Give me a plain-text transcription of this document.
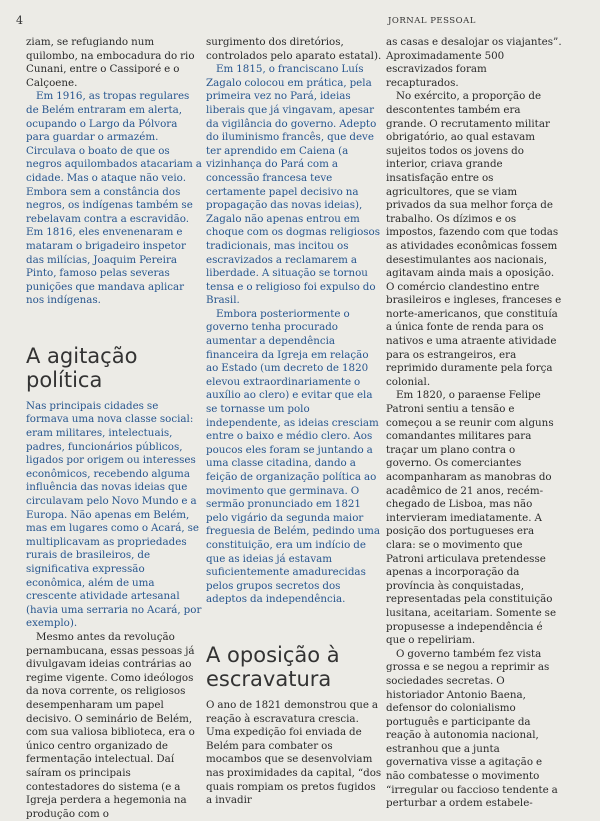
4	JORNAL PESSOAL

ziam, se refugiando num quilombo, na embocadura do rio Cunani, entre o Cassiporé e o Calçoene.

Em 1916, as tropas regulares de Belém entraram em alerta, ocupando o Largo da Pólvora para guardar o armazém. Circulava o boato de que os negros aquilombados atacariam a cidade. Mas o ataque não veio. Embora sem a constância dos negros, os indígenas também se rebelavam contra a escravidão. Em 1816, eles envenenaram e mataram o brigadeiro inspetor das milícias, Joaquim Pereira Pinto, famoso pelas severas punições que mandava aplicar nos indígenas.

A agitação política

Nas principais cidades se formava uma nova classe social: eram militares, intelectuais, padres, funcionários públicos, ligados por origem ou interesses econômicos, recebendo alguma influência das novas ideias que circulavam pelo Novo Mundo e a Europa. Não apenas em Belém, mas em lugares como o Acará, se multiplicavam as propriedades rurais de brasileiros, de significativa expressão econômica, além de uma crescente atividade artesanal (havia uma serraria no Acará, por exemplo).

Mesmo antes da revolução pernambucana, essas pessoas já divulgavam ideias contrárias ao regime vigente. Como ideólogos da nova corrente, os religiosos desempenharam um papel decisivo. O seminário de Belém, com sua valiosa biblioteca, era o único centro organizado de fermentação intelectual. Daí saíram os principais contestadores do sistema (e a Igreja perdera a hegemonia na produção com o

surgimento dos diretórios, controlados pelo aparato estatal).

Em 1815, o franciscano Luís Zagalo colocou em prática, pela primeira vez no Pará, ideias liberais que já vingavam, apesar da vigilância do governo. Adepto do iluminismo francês, que deve ter aprendido em Caiena (a vizinhança do Pará com a concessão francesa teve certamente papel decisivo na propagação das novas ideias), Zagalo não apenas entrou em choque com os dogmas religiosos tradicionais, mas incitou os escravizados a reclamarem a liberdade. A situação se tornou tensa e o religioso foi expulso do Brasil.

Embora posteriormente o governo tenha procurado aumentar a dependência financeira da Igreja em relação ao Estado (um decreto de 1820 elevou extraordinariamente o auxílio ao clero) e evitar que ela se tornasse um polo independente, as ideias cresciam entre o baixo e médio clero. Aos poucos eles foram se juntando a uma classe citadina, dando a feição de organização política ao movimento que germinava. O sermão pronunciado em 1821 pelo vigário da segunda maior freguesia de Belém, pedindo uma constituição, era um indício de que as ideias já estavam suficientemente amadurecidas pelos grupos secretos dos adeptos da independência.

A oposição à escravatura

O ano de 1821 demonstrou que a reação à escravatura crescia. Uma expedição foi enviada de Belém para combater os mocambos que se desenvolviam nas proximidades da capital, “dos quais rompiam os pretos fugidos a invadir

as casas e desalojar os viajantes”. Aproximadamente 500 escravizados foram recapturados.

No exército, a proporção de descontentes também era grande. O recrutamento militar obrigatório, ao qual estavam sujeitos todos os jovens do interior, criava grande insatisfação entre os agricultores, que se viam privados da sua melhor força de trabalho. Os dízimos e os impostos, fazendo com que todas as atividades econômicas fossem desestimulantes aos nacionais, agitavam ainda mais a oposição. O comércio clandestino entre brasileiros e ingleses, franceses e norte-americanos, que constituía a única fonte de renda para os nativos e uma atraente atividade para os estrangeiros, era reprimido duramente pela força colonial.

Em 1820, o paraense Felipe Patroni sentiu a tensão e começou a se reunir com alguns comandantes militares para traçar um plano contra o governo. Os comerciantes acompanharam as manobras do acadêmico de 21 anos, recém-chegado de Lisboa, mas não intervieram imediatamente. A posição dos portugueses era clara: se o movimento que Patroni articulava pretendesse apenas a incorporação da província às conquistadas, representadas pela constituição lusitana, aceitariam. Somente se propusesse a independência é que o repeliriam.

O governo também fez vista grossa e se negou a reprimir as sociedades secretas. O historiador Antonio Baena, defensor do colonialismo português e participante da reação à autonomia nacional, estranhou que a junta governativa visse a agitação e não combatesse o movimento “irregular ou faccioso tendente a perturbar a ordem estabele-
